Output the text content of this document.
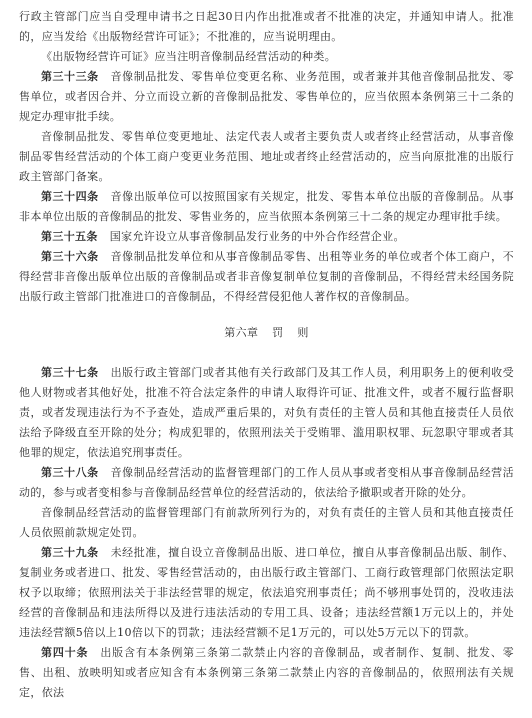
行政主管部门应当自受理申请书之日起30日内作出批准或者不批准的决定，并通知申请人。批准的，应当发给《出版物经营许可证》；不批准的，应当说明理由。

《出版物经营许可证》应当注明音像制品经营活动的种类。

第三十三条 音像制品批发、零售单位变更名称、业务范围，或者兼并其他音像制品批发、零售单位，或者因合并、分立而设立新的音像制品批发、零售单位的，应当依照本条例第三十二条的规定办理审批手续。

音像制品批发、零售单位变更地址、法定代表人或者主要负责人或者终止经营活动，从事音像制品零售经营活动的个体工商户变更业务范围、地址或者终止经营活动的，应当向原批准的出版行政主管部门备案。

第三十四条 音像出版单位可以按照国家有关规定，批发、零售本单位出版的音像制品。从事非本单位出版的音像制品的批发、零售业务的，应当依照本条例第三十二条的规定办理审批手续。

第三十五条 国家允许设立从事音像制品发行业务的中外合作经营企业。

第三十六条 音像制品批发单位和从事音像制品零售、出租等业务的单位或者个体工商户，不得经营非音像出版单位出版的音像制品或者非音像复制单位复制的音像制品，不得经营未经国务院出版行政主管部门批准进口的音像制品，不得经营侵犯他人著作权的音像制品。

第六章 罚 则

第三十七条 出版行政主管部门或者其他有关行政部门及其工作人员，利用职务上的便利收受他人财物或者其他好处，批准不符合法定条件的申请人取得许可证、批准文件，或者不履行监督职责，或者发现违法行为不予查处，造成严重后果的，对负有责任的主管人员和其他直接责任人员依法给予降级直至开除的处分；构成犯罪的，依照刑法关于受贿罪、滥用职权罪、玩忽职守罪或者其他罪的规定，依法追究刑事责任。

第三十八条 音像制品经营活动的监督管理部门的工作人员从事或者变相从事音像制品经营活动的，参与或者变相参与音像制品经营单位的经营活动的，依法给予撤职或者开除的处分。

音像制品经营活动的监督管理部门有前款所列行为的，对负有责任的主管人员和其他直接责任人员依照前款规定处罚。

第三十九条 未经批准，擅自设立音像制品出版、进口单位，擅自从事音像制品出版、制作、复制业务或者进口、批发、零售经营活动的，由出版行政主管部门、工商行政管理部门依照法定职权予以取缔；依照刑法关于非法经营罪的规定，依法追究刑事责任；尚不够刑事处罚的，没收违法经营的音像制品和违法所得以及进行违法活动的专用工具、设备；违法经营额1万元以上的，并处违法经营额5倍以上10倍以下的罚款；违法经营额不足1万元的，可以处5万元以下的罚款。

第四十条 出版含有本条例第三条第二款禁止内容的音像制品，或者制作、复制、批发、零售、出租、放映明知或者应知含有本条例第三条第二款禁止内容的音像制品的，依照刑法有关规定，依法
